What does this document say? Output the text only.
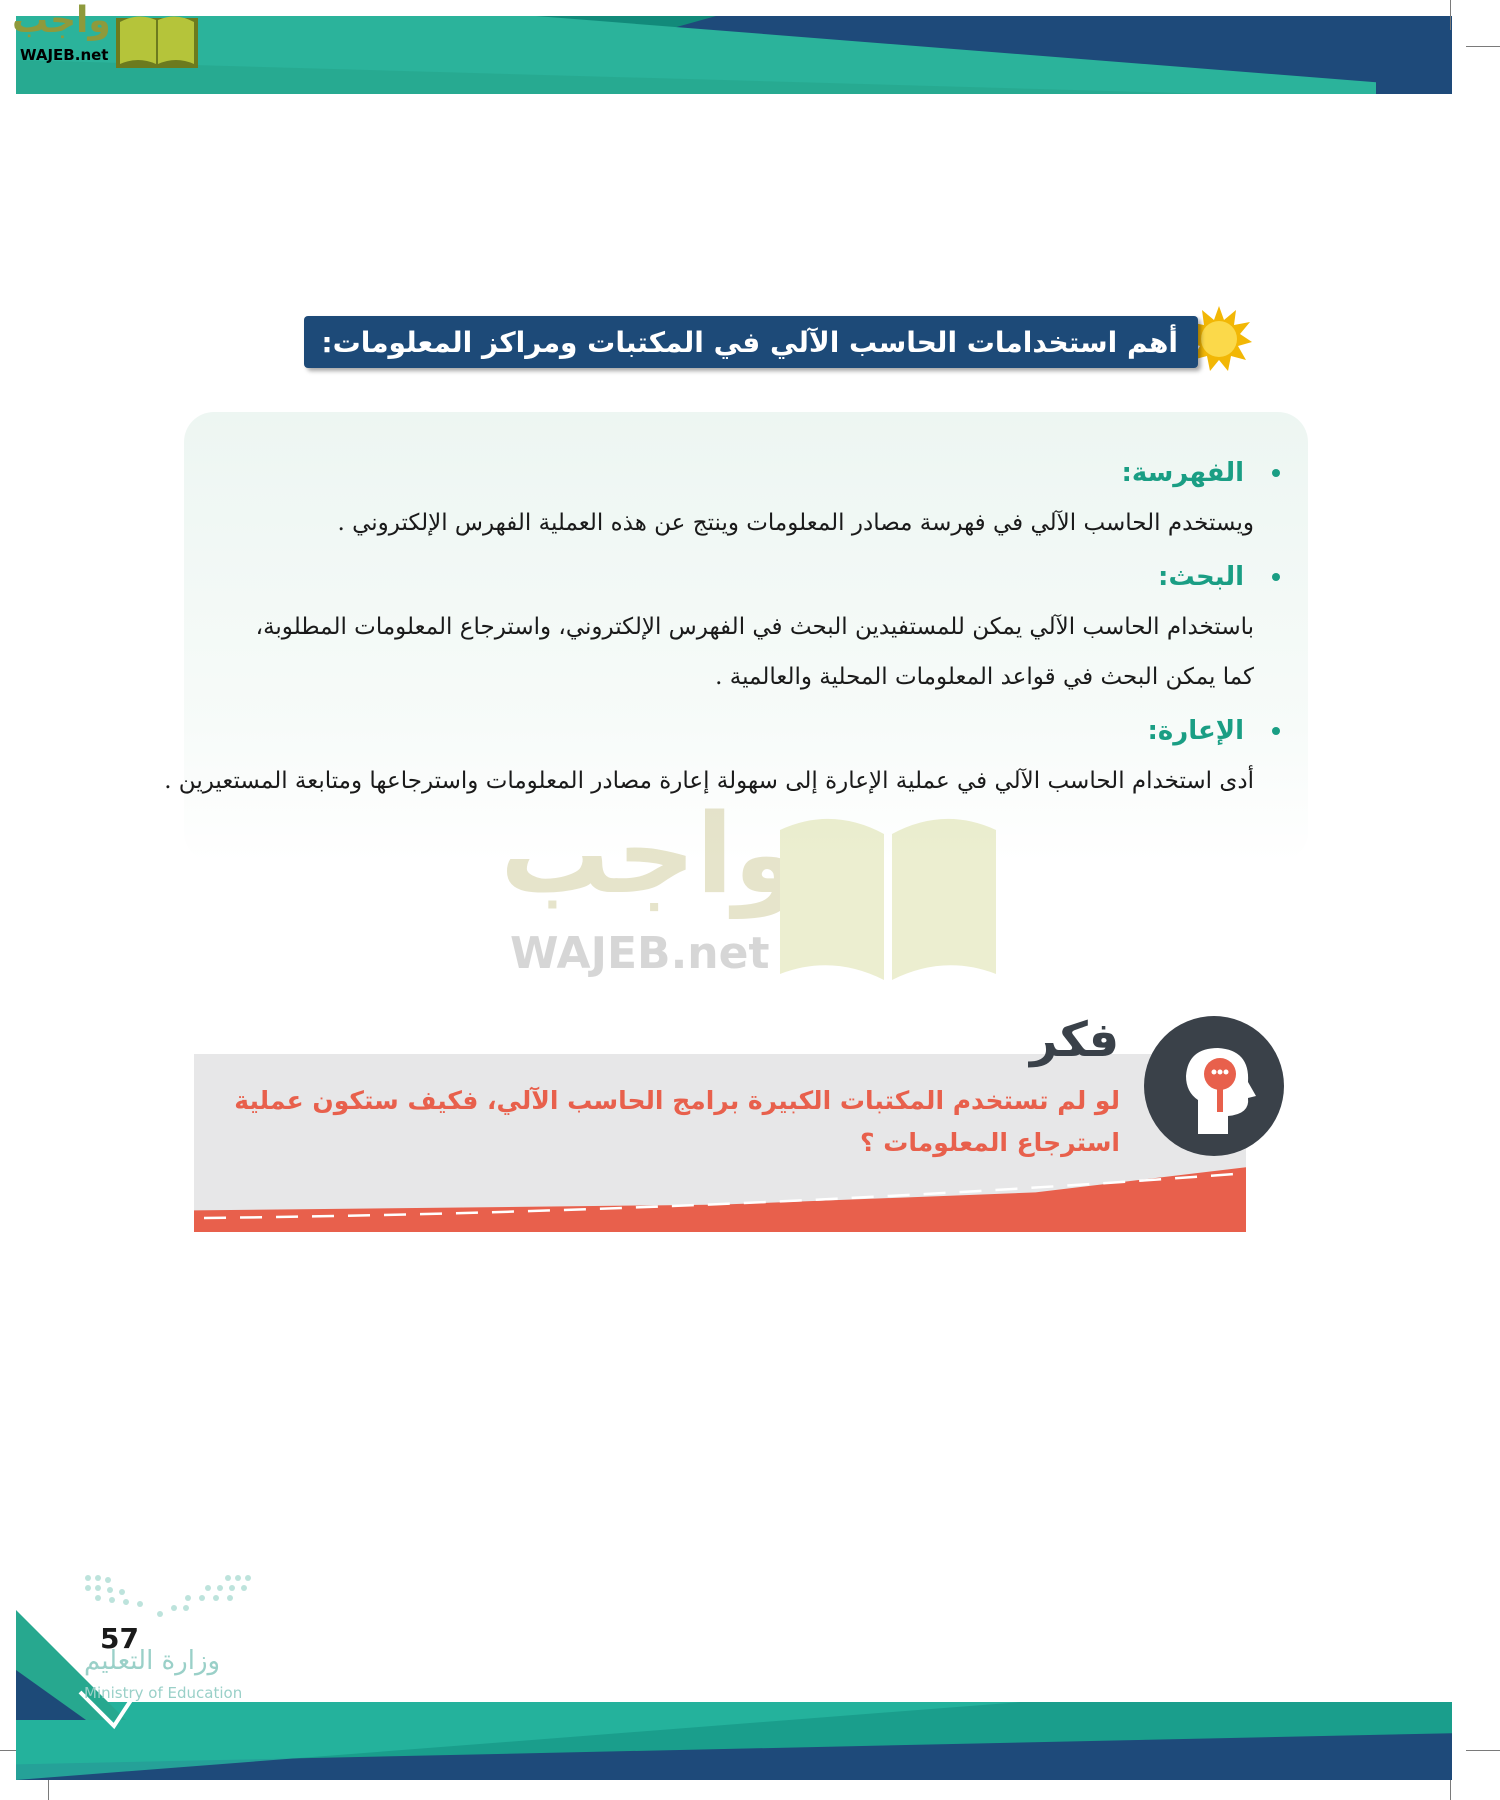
واجب
WAJEB.net
أهم استخدامات الحاسب الآلي في المكتبات ومراكز المعلومات:
الفهرسة:
ويستخدم الحاسب الآلي في فهرسة مصادر المعلومات وينتج عن هذه العملية الفهرس الإلكتروني .
البحث:
باستخدام الحاسب الآلي يمكن للمستفيدين البحث في الفهرس الإلكتروني، واسترجاع المعلومات المطلوبة،
كما يمكن البحث في قواعد المعلومات المحلية والعالمية .
الإعارة:
أدى استخدام الحاسب الآلي في عملية الإعارة إلى سهولة إعارة مصادر المعلومات واسترجاعها ومتابعة المستعيرين .
واجب
WAJEB.net
فكر
لو لم تستخدم المكتبات الكبيرة برامج الحاسب الآلي، فكيف ستكون عملية
استرجاع المعلومات ؟
57
وزارة التعليم
Ministry of Education
